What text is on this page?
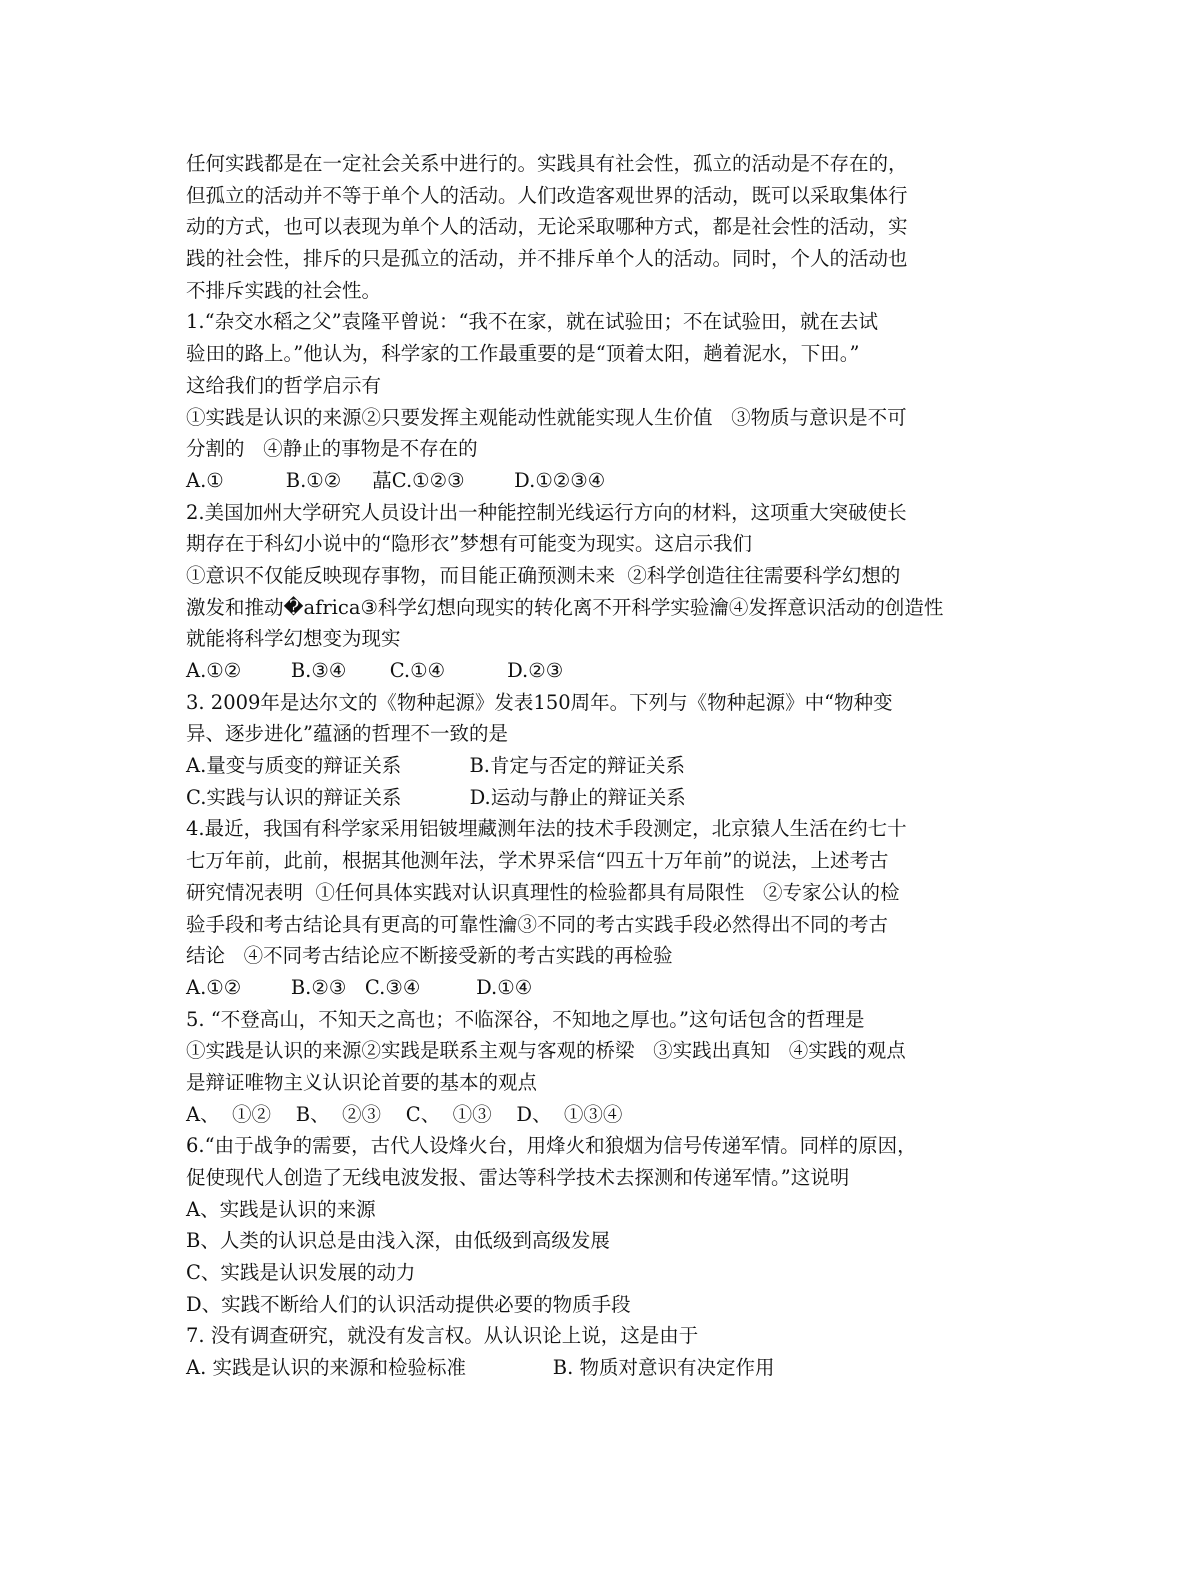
任何实践都是在一定社会关系中进行的。实践具有社会性，孤立的活动是不存在的，
但孤立的活动并不等于单个人的活动。人们改造客观世界的活动，既可以采取集体行
动的方式，也可以表现为单个人的活动，无论采取哪种方式，都是社会性的活动，实
践的社会性，排斥的只是孤立的活动，并不排斥单个人的活动。同时，个人的活动也
不排斥实践的社会性。
1.“杂交水稻之父”袁隆平曾说：“我不在家，就在试验田；不在试验田，就在去试
验田的路上。”他认为，科学家的工作最重要的是“顶着太阳，趟着泥水，下田。”
这给我们的哲学启示有
①实践是认识的来源②只要发挥主观能动性就能实现人生价值   ③物质与意识是不可
分割的   ④静止的事物是不存在的
A.①          B.①②     蕌C.①②③        D.①②③④
2.美国加州大学研究人员设计出一种能控制光线运行方向的材料，这项重大突破使长
期存在于科幻小说中的“隐形衣”梦想有可能变为现实。这启示我们
①意识不仅能反映现存事物，而目能正确预测未来  ②科学创造往往需要科学幻想的
激发和推动�africa③科学幻想向现实的转化离不开科学实验瀹④发挥意识活动的创造性
就能将科学幻想变为现实
A.①②        B.③④       C.①④          D.②③
3. 2009年是达尔文的《物种起源》发表150周年。下列与《物种起源》中“物种变
异、逐步进化”蕴涵的哲理不一致的是
A.量变与质变的辩证关系           B.肯定与否定的辩证关系
C.实践与认识的辩证关系           D.运动与静止的辩证关系
4.最近，我国有科学家采用铝铍埋藏测年法的技术手段测定，北京猿人生活在约七十
七万年前，此前，根据其他测年法，学术界采信“四五十万年前”的说法，上述考古
研究情况表明  ①任何具体实践对认识真理性的检验都具有局限性   ②专家公认的检
验手段和考古结论具有更高的可靠性瀹③不同的考古实践手段必然得出不同的考古
结论   ④不同考古结论应不断接受新的考古实践的再检验
A.①②        B.②③   C.③④         D.①④
5. “不登高山，不知天之高也；不临深谷，不知地之厚也。”这句话包含的哲理是
①实践是认识的来源②实践是联系主观与客观的桥梁   ③实践出真知   ④实践的观点
是辩证唯物主义认识论首要的基本的观点
A、  ①②    B、  ②③    C、  ①③    D、  ①③④
6.“由于战争的需要，古代人设烽火台，用烽火和狼烟为信号传递军情。同样的原因，
促使现代人创造了无线电波发报、雷达等科学技术去探测和传递军情。”这说明
A、实践是认识的来源
B、人类的认识总是由浅入深，由低级到高级发展
C、实践是认识发展的动力
D、实践不断给人们的认识活动提供必要的物质手段
7. 没有调查研究，就没有发言权。从认识论上说，这是由于
A. 实践是认识的来源和检验标准              B. 物质对意识有决定作用
